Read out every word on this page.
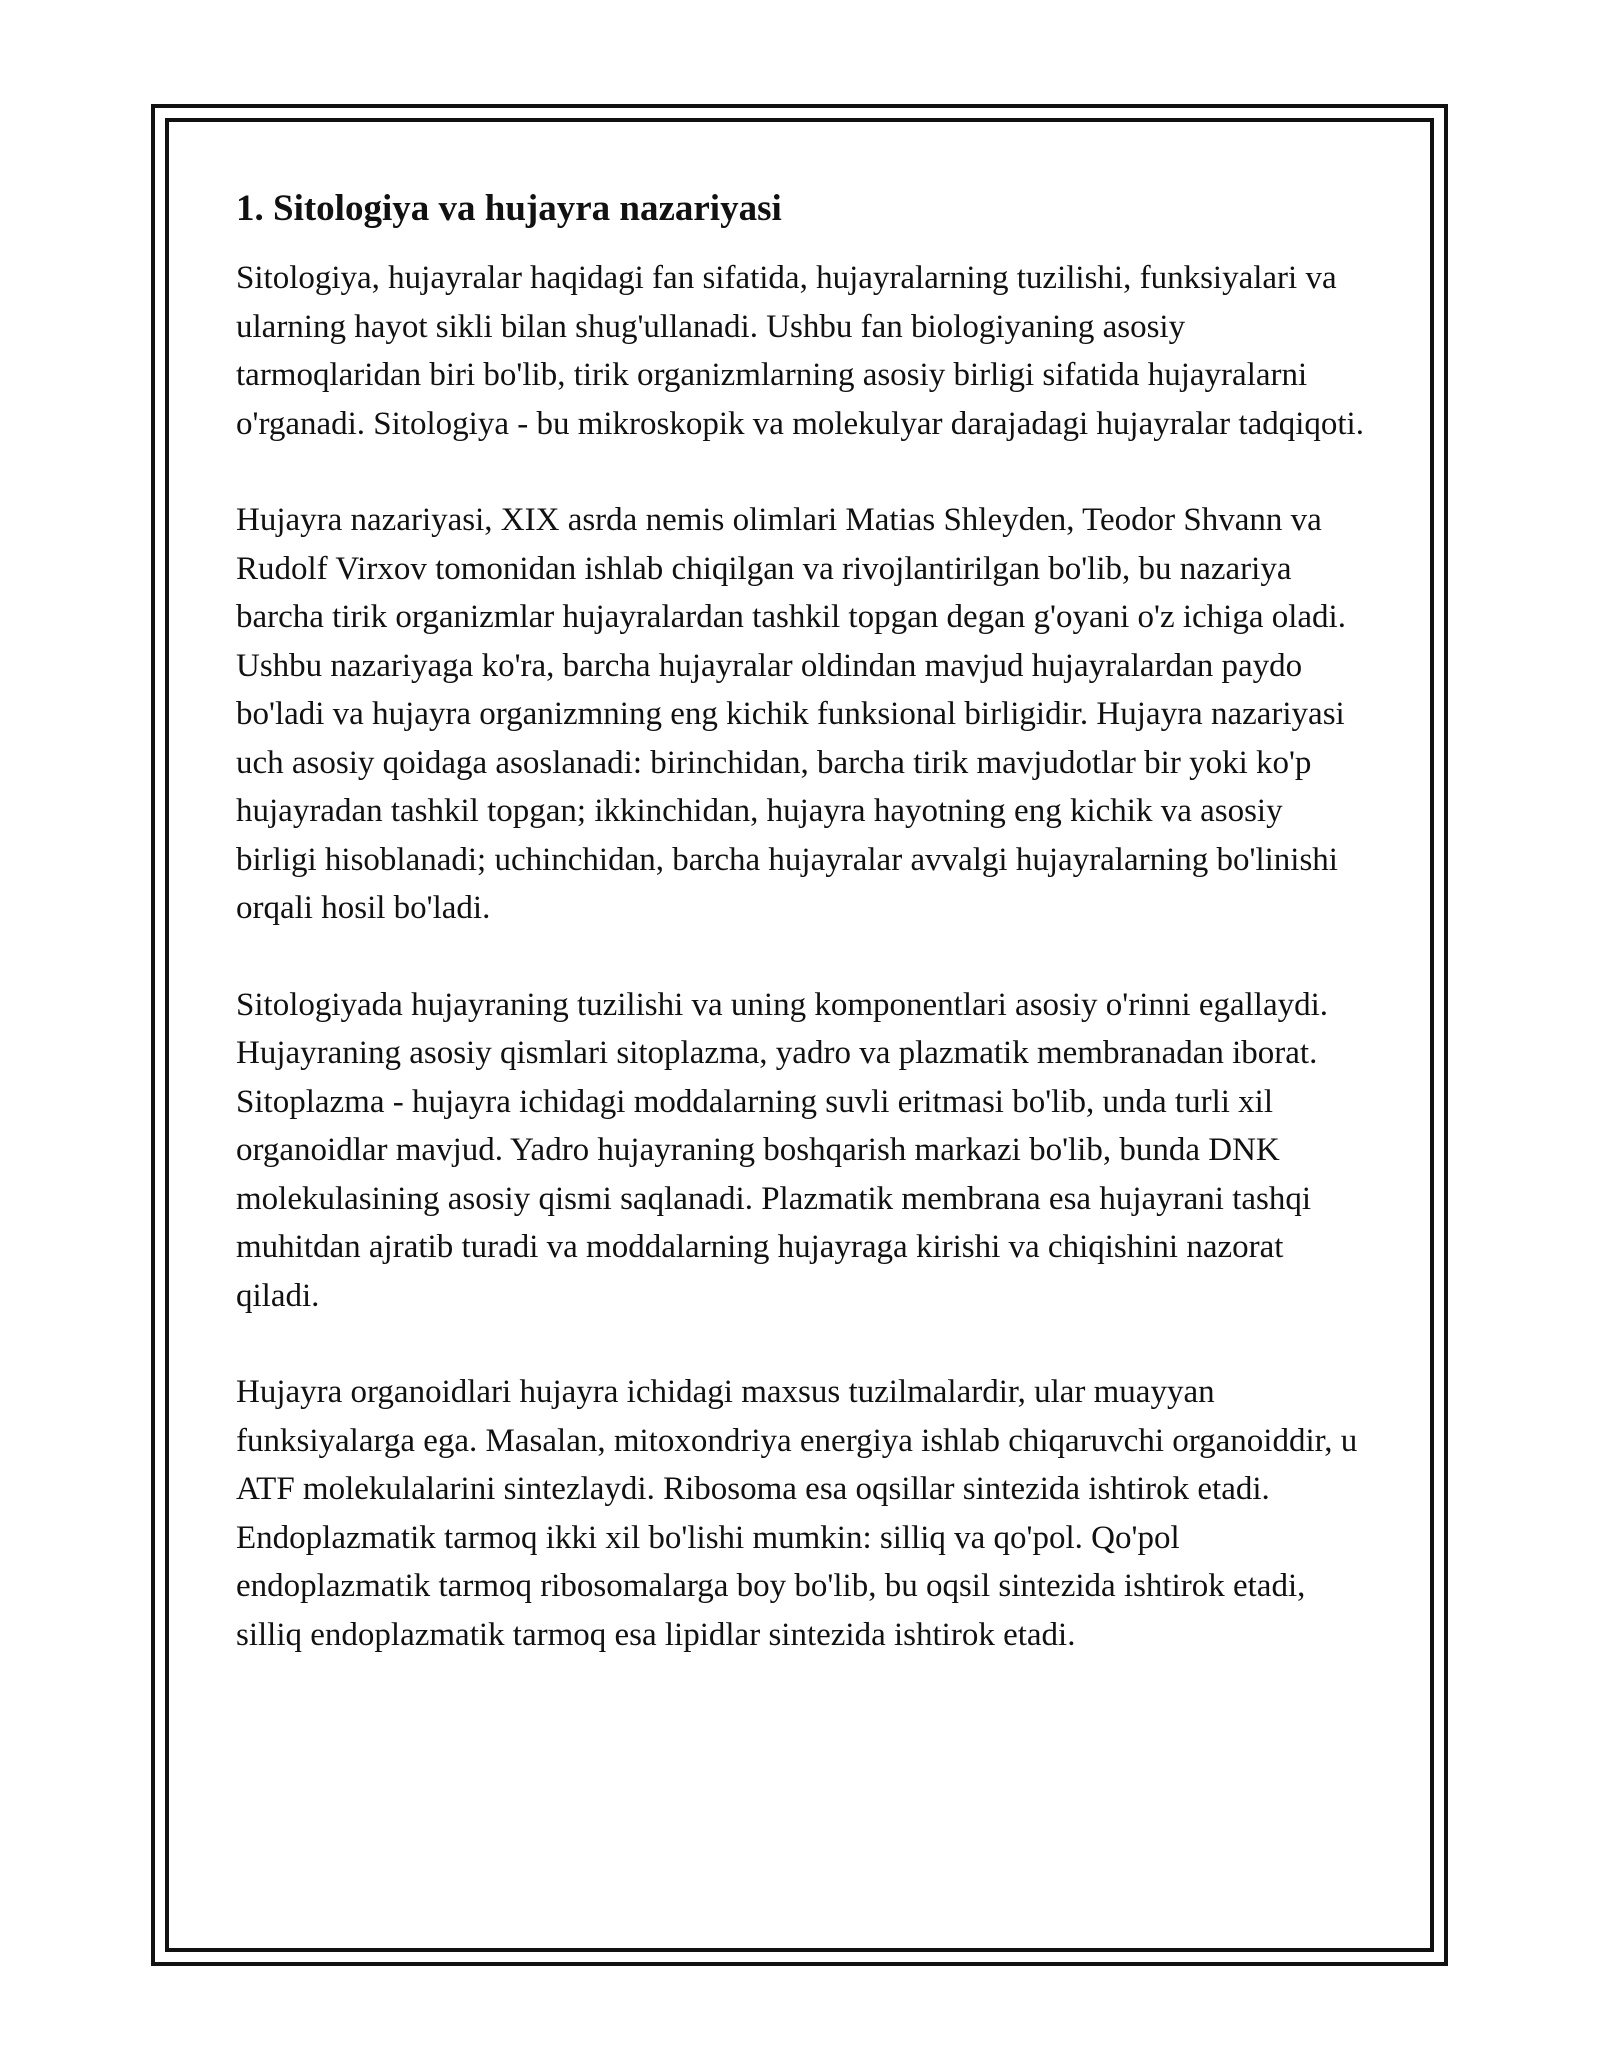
1. Sitologiya va hujayra nazariyasi

Sitologiya, hujayralar haqidagi fan sifatida, hujayralarning tuzilishi, funksiyalari va ularning hayot sikli bilan shug'ullanadi. Ushbu fan biologiyaning asosiy tarmoqlaridan biri bo'lib, tirik organizmlarning asosiy birligi sifatida hujayralarni o'rganadi. Sitologiya - bu mikroskopik va molekulyar darajadagi hujayralar tadqiqoti.

Hujayra nazariyasi, XIX asrda nemis olimlari Matias Shleyden, Teodor Shvann va Rudolf Virxov tomonidan ishlab chiqilgan va rivojlantirilgan bo'lib, bu nazariya barcha tirik organizmlar hujayralardan tashkil topgan degan g'oyani o'z ichiga oladi. Ushbu nazariyaga ko'ra, barcha hujayralar oldindan mavjud hujayralardan paydo bo'ladi va hujayra organizmning eng kichik funksional birligidir. Hujayra nazariyasi uch asosiy qoidaga asoslanadi: birinchidan, barcha tirik mavjudotlar bir yoki ko'p hujayradan tashkil topgan; ikkinchidan, hujayra hayotning eng kichik va asosiy birligi hisoblanadi; uchinchidan, barcha hujayralar avvalgi hujayralarning bo'linishi orqali hosil bo'ladi.

Sitologiyada hujayraning tuzilishi va uning komponentlari asosiy o'rinni egallaydi. Hujayraning asosiy qismlari sitoplazma, yadro va plazmatik membranadan iborat. Sitoplazma - hujayra ichidagi moddalarning suvli eritmasi bo'lib, unda turli xil organoidlar mavjud. Yadro hujayraning boshqarish markazi bo'lib, bunda DNK molekulasining asosiy qismi saqlanadi. Plazmatik membrana esa hujayrani tashqi muhitdan ajratib turadi va moddalarning hujayraga kirishi va chiqishini nazorat qiladi.

Hujayra organoidlari hujayra ichidagi maxsus tuzilmalardir, ular muayyan funksiyalarga ega. Masalan, mitoxondriya energiya ishlab chiqaruvchi organoiddir, u ATF molekulalarini sintezlaydi. Ribosoma esa oqsillar sintezida ishtirok etadi. Endoplazmatik tarmoq ikki xil bo'lishi mumkin: silliq va qo'pol. Qo'pol endoplazmatik tarmoq ribosomalarga boy bo'lib, bu oqsil sintezida ishtirok etadi, silliq endoplazmatik tarmoq esa lipidlar sintezida ishtirok etadi.
